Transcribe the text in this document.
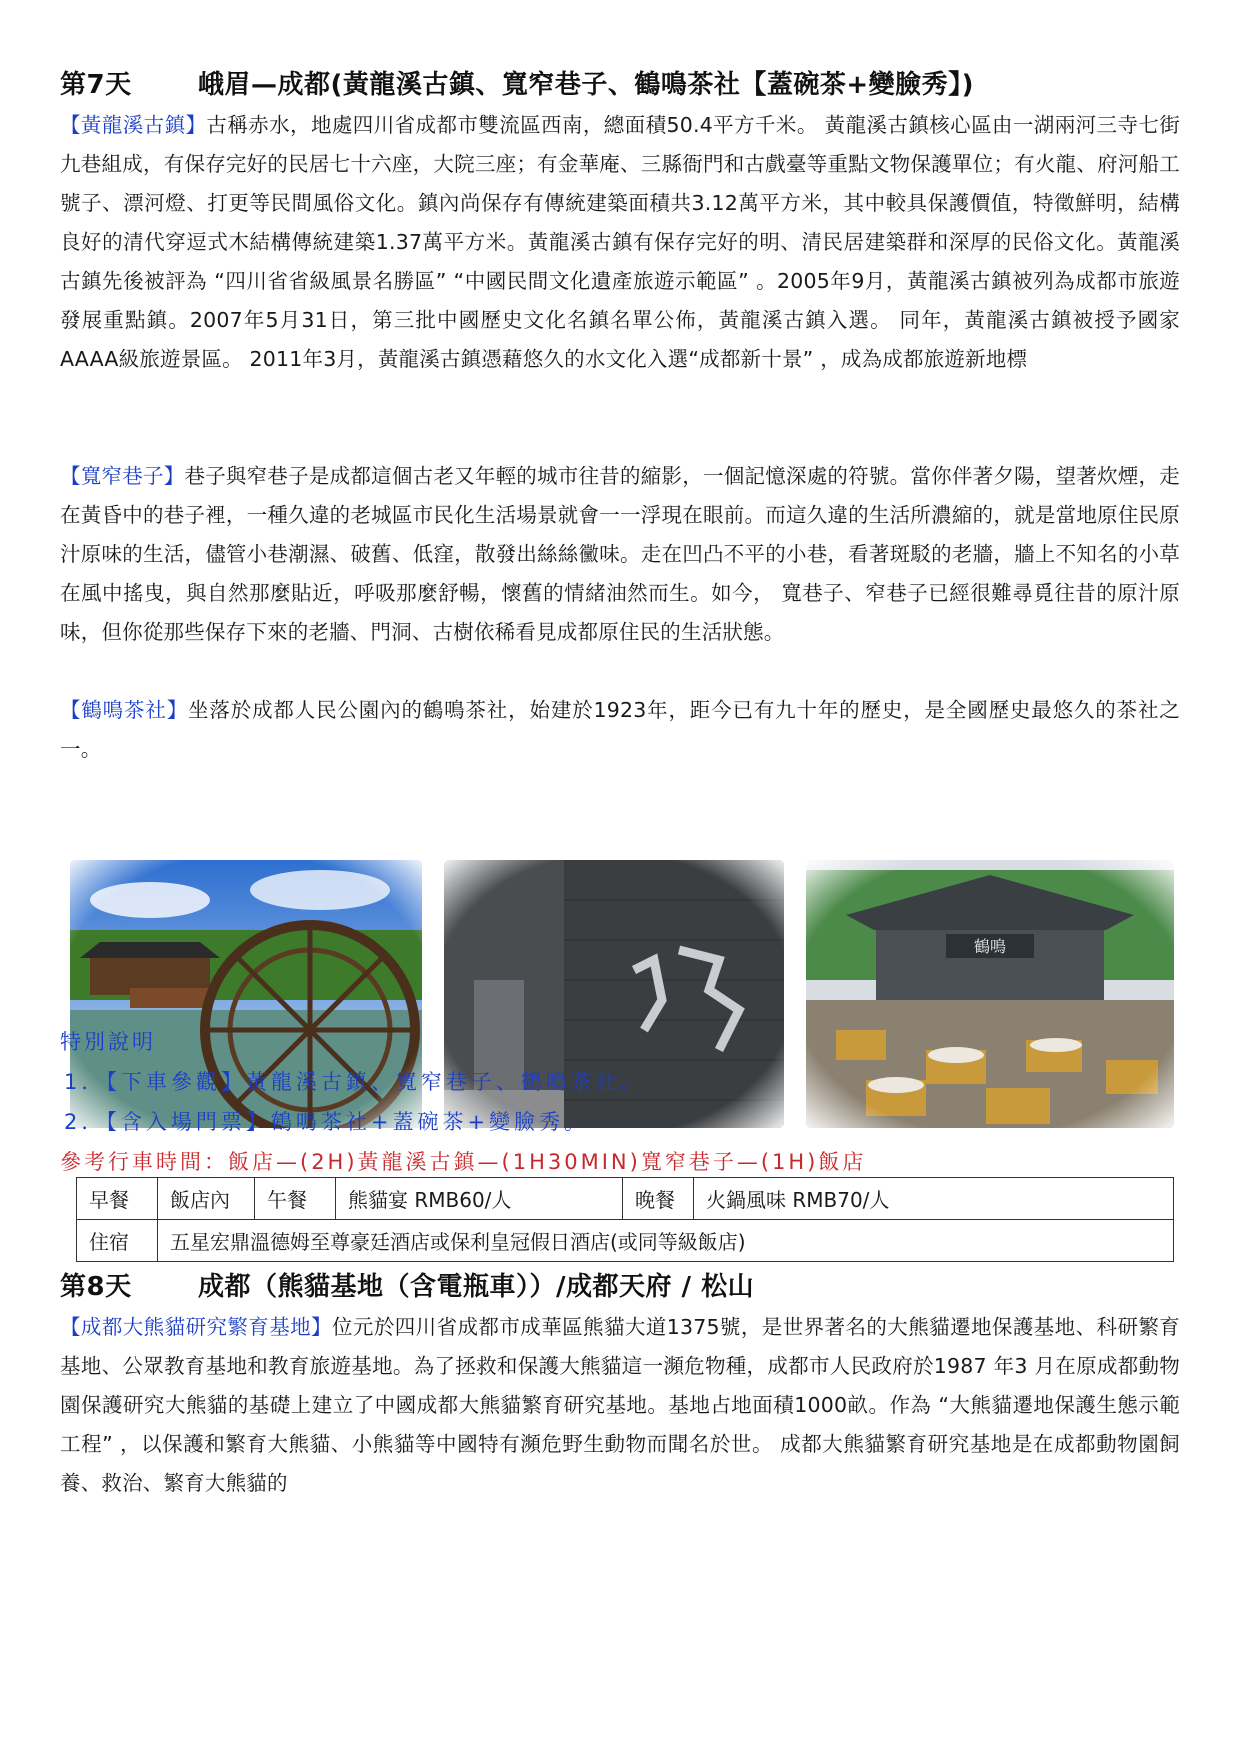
第7天	峨眉—成都(黃龍溪古鎮、寬窄巷子、鶴鳴茶社【蓋碗茶+變臉秀】)
【黃龍溪古鎮】古稱赤水，地處四川省成都市雙流區西南，總面積50.4平方千米。 黃龍溪古鎮核心區由一湖兩河三寺七街九巷組成，有保存完好的民居七十六座，大院三座；有金華庵、三縣衙門和古戲臺等重點文物保護單位；有火龍、府河船工號子、漂河燈、打更等民間風俗文化。鎮內尚保存有傳統建築面積共3.12萬平方米，其中較具保護價值，特徵鮮明，結構良好的清代穿逗式木結構傳統建築1.37萬平方米。黃龍溪古鎮有保存完好的明、清民居建築群和深厚的民俗文化。黃龍溪古鎮先後被評為 “四川省省級風景名勝區” “中國民間文化遺產旅遊示範區” 。2005年9月，黃龍溪古鎮被列為成都市旅遊發展重點鎮。2007年5月31日，第三批中國歷史文化名鎮名單公佈，黃龍溪古鎮入選。 同年，黃龍溪古鎮被授予國家AAAA級旅遊景區。 2011年3月，黃龍溪古鎮憑藉悠久的水文化入選“成都新十景” ，成為成都旅遊新地標
【寬窄巷子】巷子與窄巷子是成都這個古老又年輕的城市往昔的縮影，一個記憶深處的符號。當你伴著夕陽，望著炊煙，走在黃昏中的巷子裡，一種久違的老城區市民化生活場景就會一一浮現在眼前。而這久違的生活所濃縮的，就是當地原住民原汁原味的生活，儘管小巷潮濕、破舊、低窪，散發出絲絲黴味。走在凹凸不平的小巷，看著斑駁的老牆，牆上不知名的小草在風中搖曳，與自然那麼貼近，呼吸那麼舒暢，懷舊的情緒油然而生。如今， 寬巷子、窄巷子已經很難尋覓往昔的原汁原味，但你從那些保存下來的老牆、門洞、古樹依稀看見成都原住民的生活狀態。
【鶴鳴茶社】坐落於成都人民公園內的鶴鳴茶社，始建於1923年，距今已有九十年的歷史，是全國歷史最悠久的茶社之一。
特別說明
1．【下車參觀】黃龍溪古鎮、寬窄巷子、鶴鳴茶社。
2．【含入場門票】鶴鳴茶社+蓋碗茶+變臉秀。
參考行車時間：飯店—(2H)黃龍溪古鎮—(1H30MIN)寬窄巷子—(1H)飯店
早餐	飯店內	午餐	熊貓宴 RMB60/人	晚餐	火鍋風味 RMB70/人
住宿	五星宏鼎溫德姆至尊豪廷酒店或保利皇冠假日酒店(或同等級飯店)				
第8天	成都（熊貓基地（含電瓶車））/成都天府 / 松山
【成都大熊貓研究繁育基地】位元於四川省成都市成華區熊貓大道1375號，是世界著名的大熊貓遷地保護基地、科研繁育基地、公眾教育基地和教育旅遊基地。為了拯救和保護大熊貓這一瀕危物種，成都市人民政府於1987 年3 月在原成都動物園保護研究大熊貓的基礎上建立了中國成都大熊貓繁育研究基地。基地占地面積1000畝。作為 “大熊貓遷地保護生態示範工程” ，以保護和繁育大熊貓、小熊貓等中國特有瀕危野生動物而聞名於世。 成都大熊貓繁育研究基地是在成都動物園飼養、救治、繁育大熊貓的
